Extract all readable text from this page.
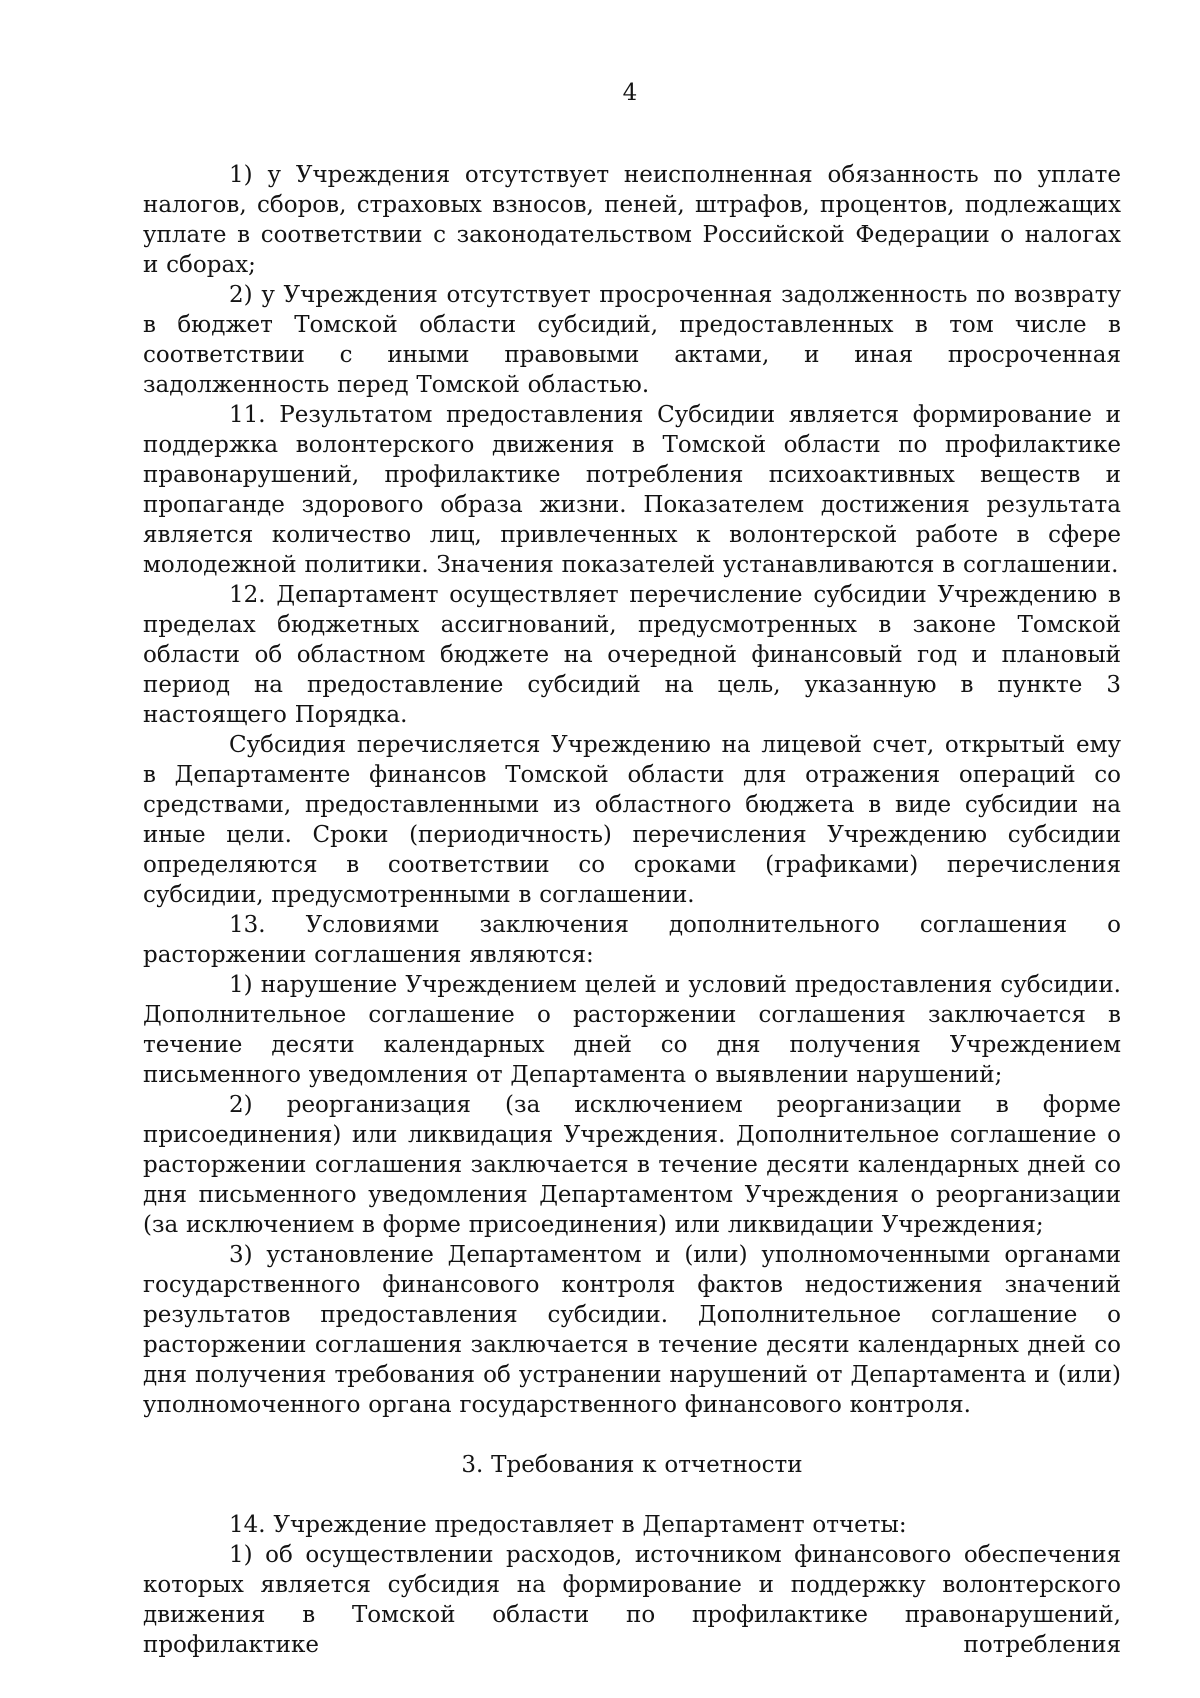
4

1) у Учреждения отсутствует неисполненная обязанность по уплате налогов, сборов, страховых взносов, пеней, штрафов, процентов, подлежащих уплате в соответствии с законодательством Российской Федерации о налогах и сборах;

2) у Учреждения отсутствует просроченная задолженность по возврату в бюджет Томской области субсидий, предоставленных в том числе в соответствии с иными правовыми актами, и иная просроченная задолженность перед Томской областью.

11. Результатом предоставления Субсидии является формирование и поддержка волонтерского движения в Томской области по профилактике правонарушений, профилактике потребления психоактивных веществ и пропаганде здорового образа жизни. Показателем достижения результата является количество лиц, привлеченных к волонтерской работе в сфере молодежной политики. Значения показателей устанавливаются в соглашении.

12. Департамент осуществляет перечисление субсидии Учреждению в пределах бюджетных ассигнований, предусмотренных в законе Томской области об областном бюджете на очередной финансовый год и плановый период на предоставление субсидий на цель, указанную в пункте 3 настоящего Порядка.

Субсидия перечисляется Учреждению на лицевой счет, открытый ему в Департаменте финансов Томской области для отражения операций со средствами, предоставленными из областного бюджета в виде субсидии на иные цели. Сроки (периодичность) перечисления Учреждению субсидии определяются в соответствии со сроками (графиками) перечисления субсидии, предусмотренными в соглашении.

13. Условиями заключения дополнительного соглашения о расторжении соглашения являются:

1) нарушение Учреждением целей и условий предоставления субсидии. Дополнительное соглашение о расторжении соглашения заключается в течение десяти календарных дней со дня получения Учреждением письменного уведомления от Департамента о выявлении нарушений;

2) реорганизация (за исключением реорганизации в форме присоединения) или ликвидация Учреждения. Дополнительное соглашение о расторжении соглашения заключается в течение десяти календарных дней со дня письменного уведомления Департаментом Учреждения о реорганизации (за исключением в форме присоединения) или ликвидации Учреждения;

3) установление Департаментом и (или) уполномоченными органами государственного финансового контроля фактов недостижения значений результатов предоставления субсидии. Дополнительное соглашение о расторжении соглашения заключается в течение десяти календарных дней со дня получения требования об устранении нарушений от Департамента и (или) уполномоченного органа государственного финансового контроля.

3. Требования к отчетности

14. Учреждение предоставляет в Департамент отчеты:

1) об осуществлении расходов, источником финансового обеспечения которых является субсидия на формирование и поддержку волонтерского движения в Томской области по профилактике правонарушений, профилактике потребления
